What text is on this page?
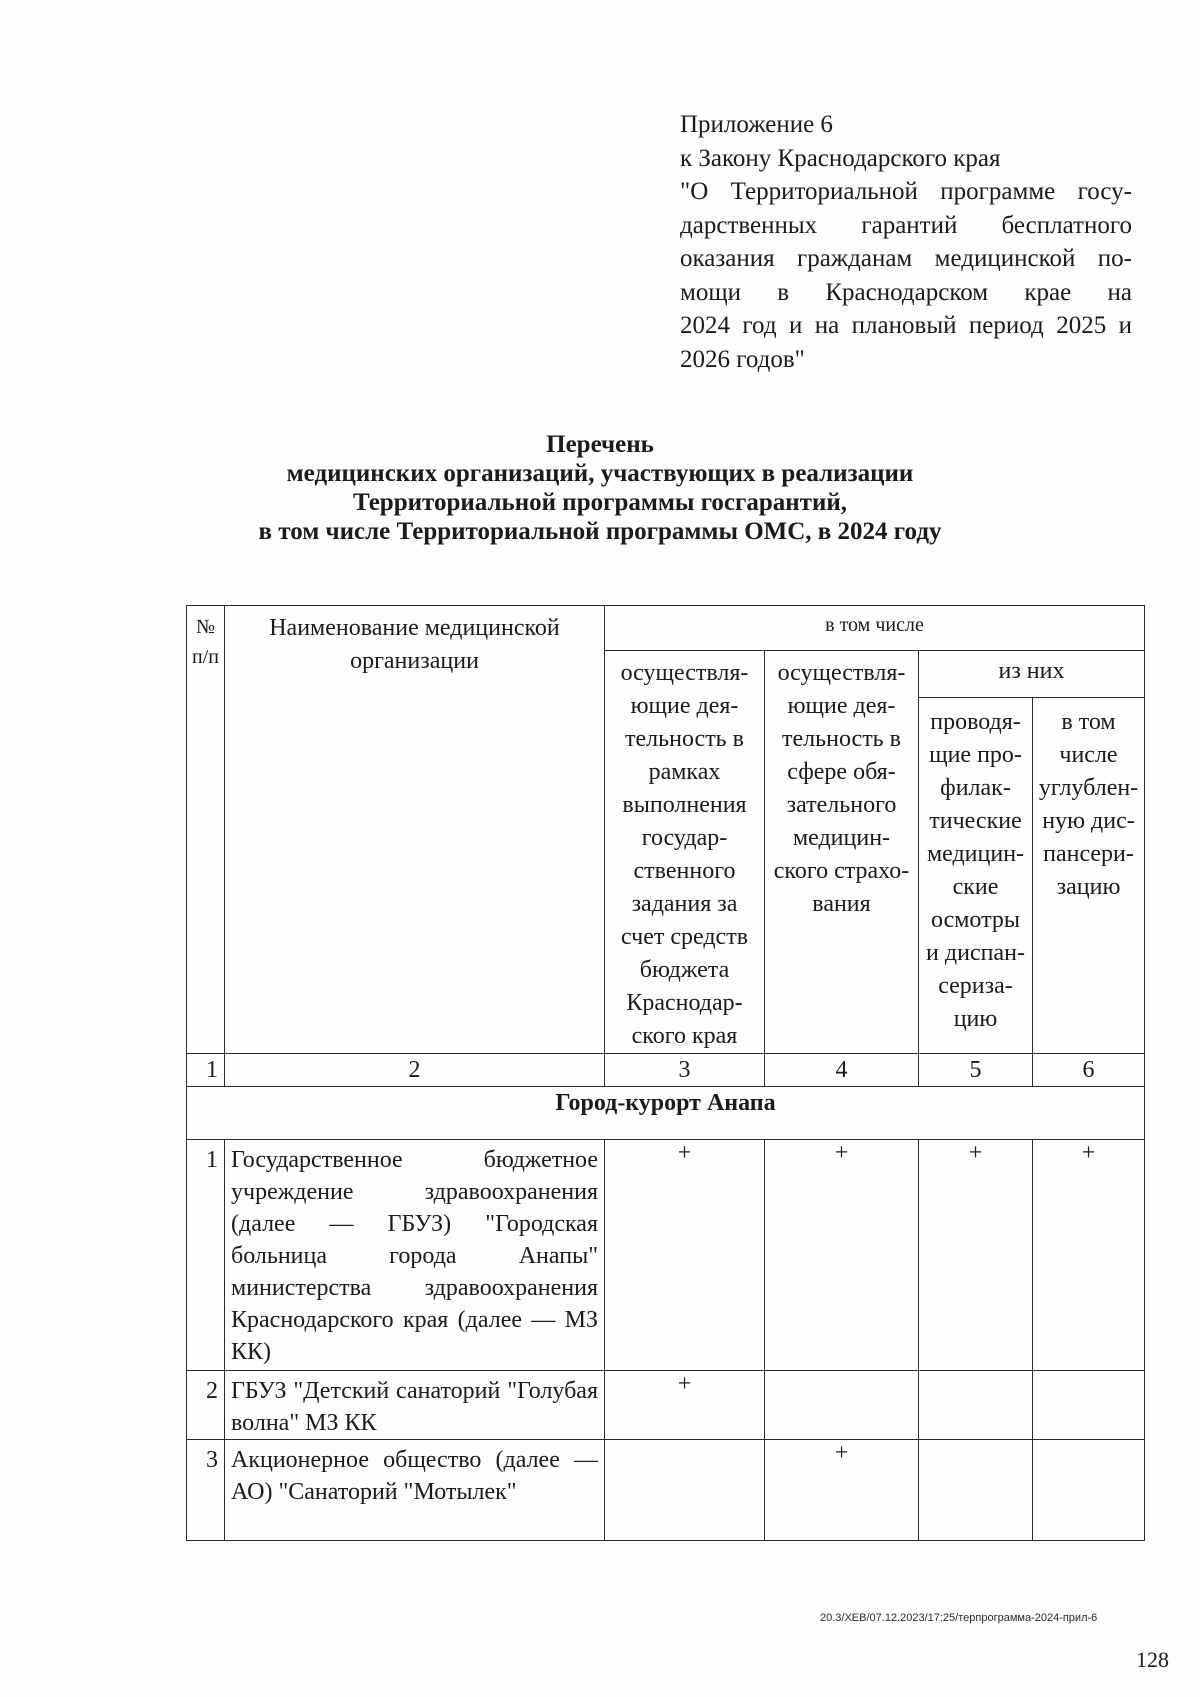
Приложение 6
к Закону Краснодарского края
"О Территориальной программе госу-
дарственных гарантий бесплатного
оказания гражданам медицинской по-
мощи в Краснодарском крае на
2024 год и на плановый период 2025 и
2026 годов"
Перечень
медицинских организаций, участвующих в реализации
Территориальной программы госгарантий,
в том числе Территориальной программы ОМС, в 2024 году
№ п/п	Наименование медицинской организации	в том числе			
		осуществля-ющие дея-тельность в рамках выполнения государ-ственного задания за счет средств бюджета Краснодар-ского края	осуществля-ющие дея-тельность в сфере обя-зательного медицин-ского страхо-вания	из них	
				проводя-щие про-филак-тические медицин-ские осмотры и диспан-сериза-цию	в том числе углублен-ную дис-пансери-зацию
1	2	3	4	5	6
Город-курорт Анапа					
1	Государственное бюджетное учреждение здравоохранения (далее — ГБУЗ) "Городская больница города Анапы" министерства здравоохранения Краснодарского края (далее — МЗ КК)	+	+	+	+
2	ГБУЗ "Детский санаторий "Голубая волна" МЗ КК	+			
3	Акционерное общество (далее — АО) "Санаторий "Мотылек"		+		
20.3/ХЕВ/07.12.2023/17:25/терпрограмма-2024-прил-6
128
